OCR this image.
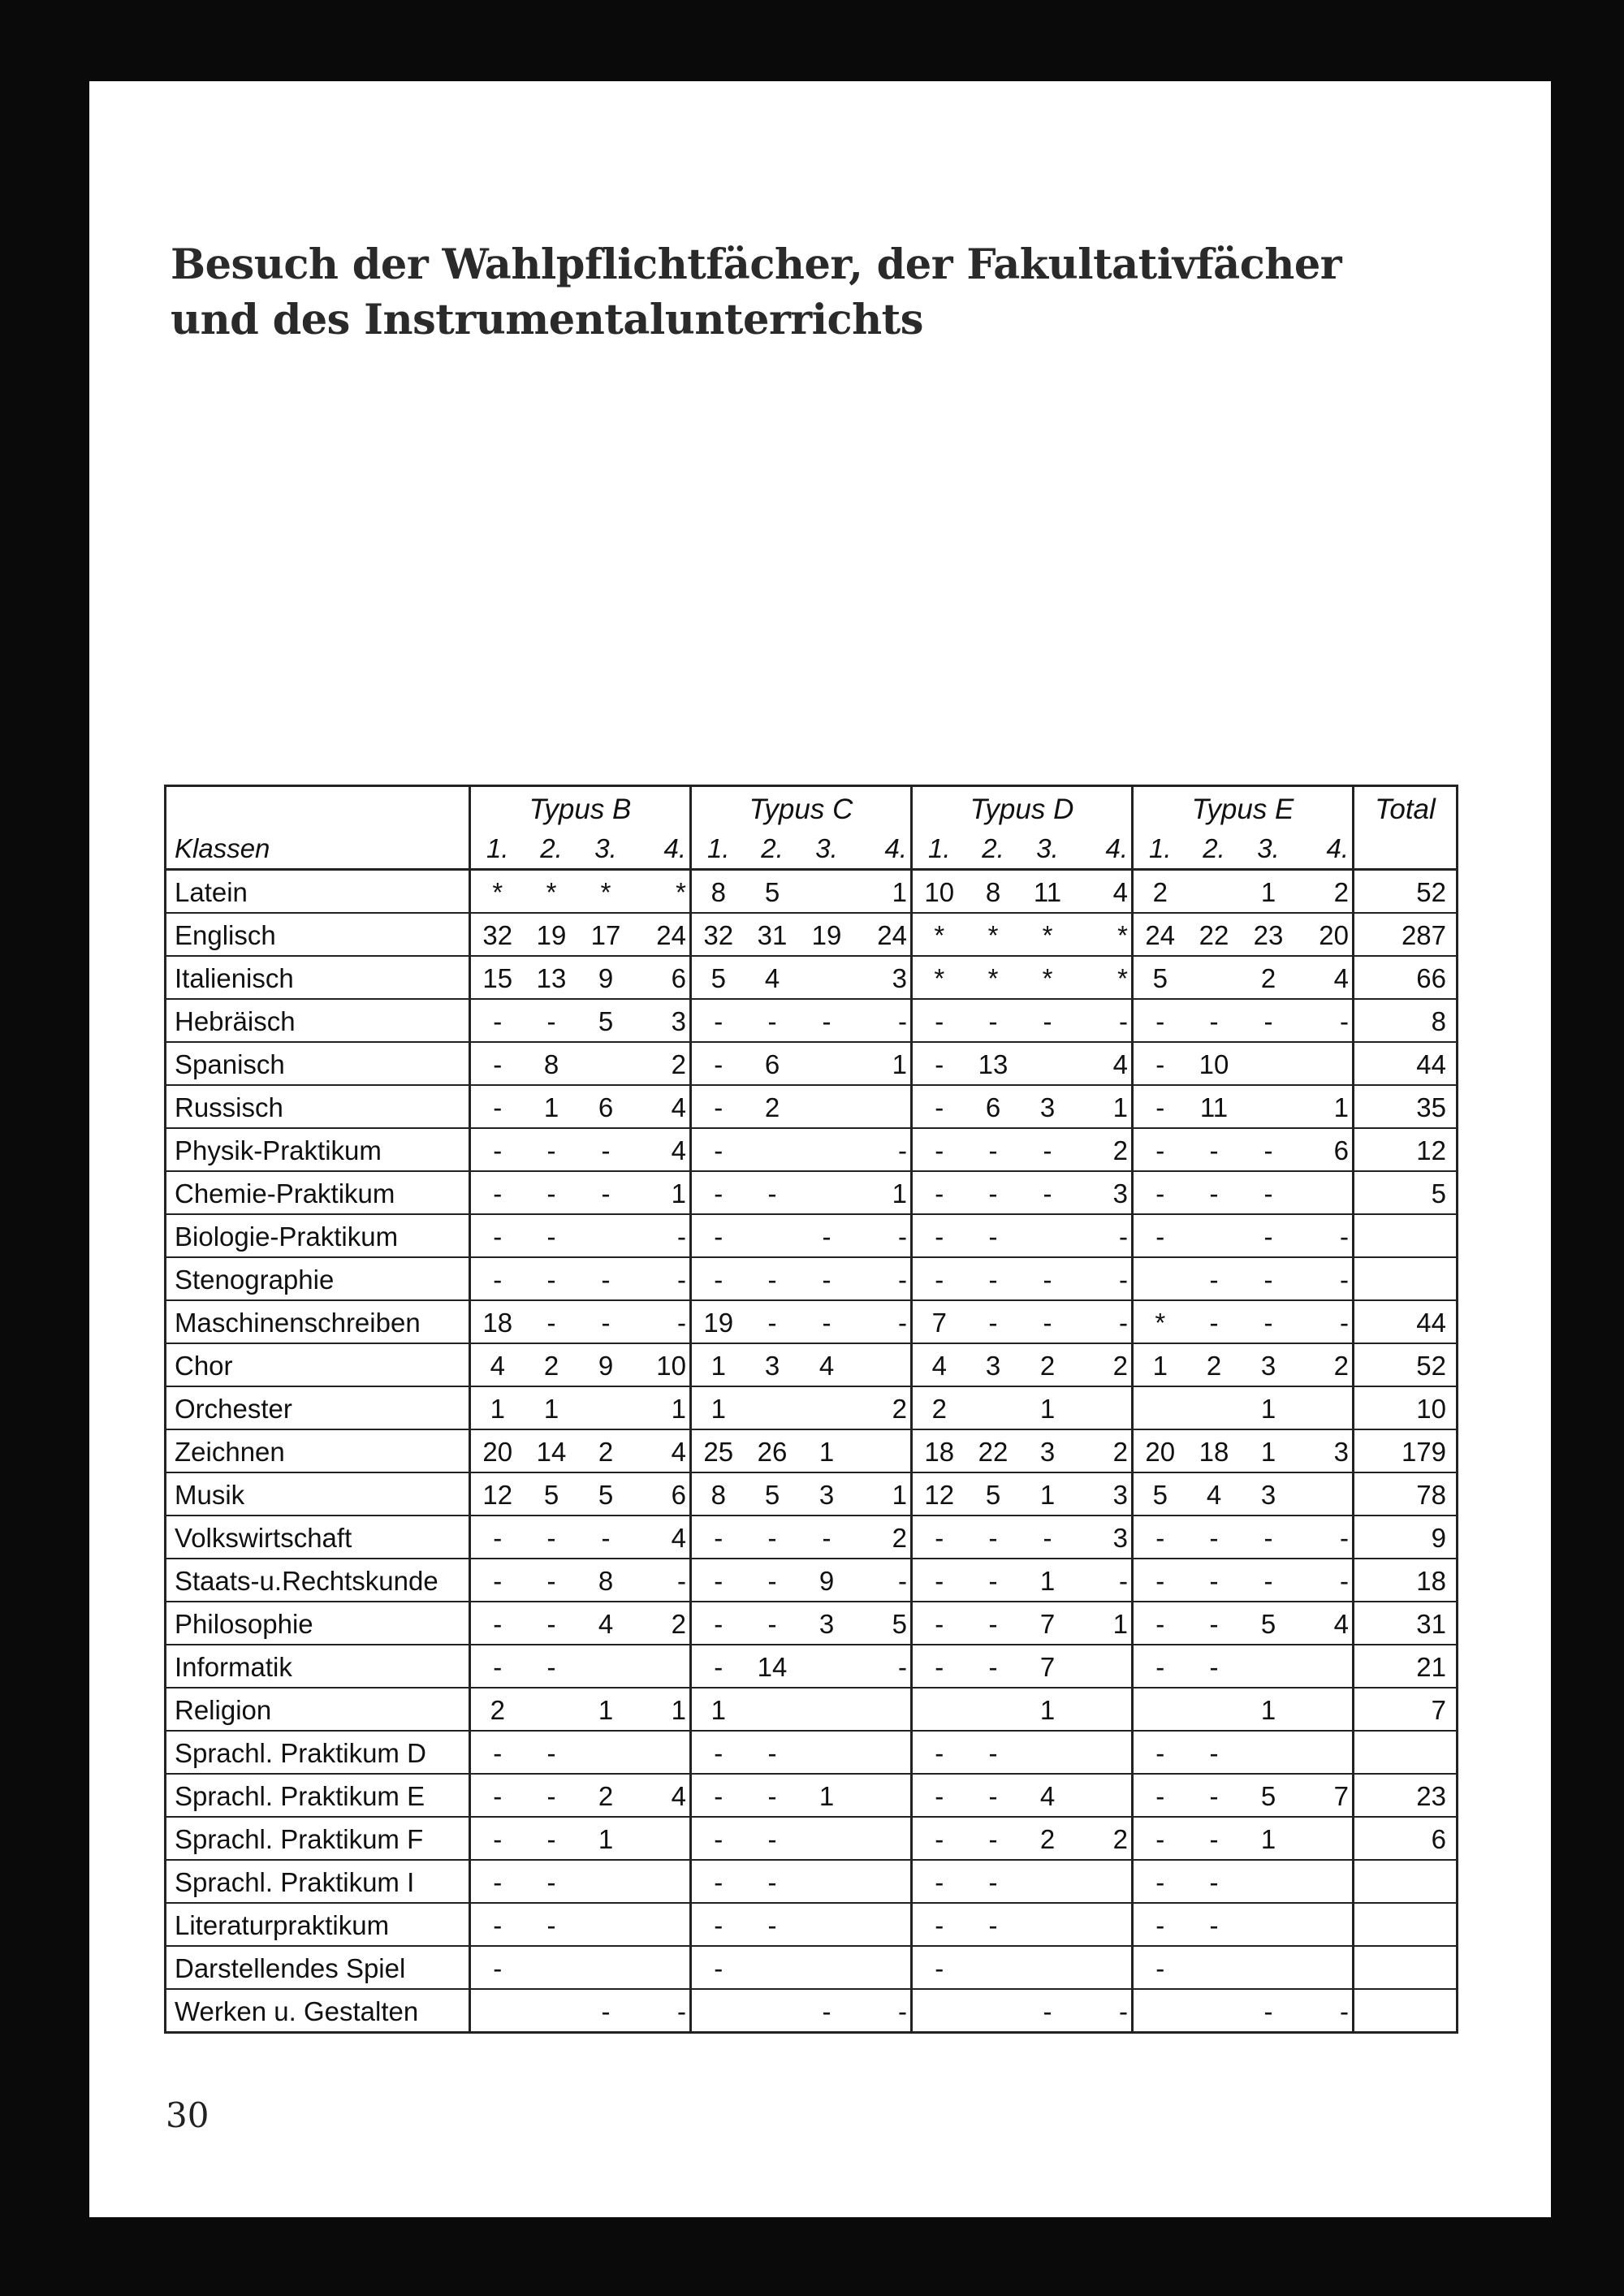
Besuch der Wahlpflichtfächer, der Fakultativfächer
und des Instrumentalunterrichts
	Typus B				Typus C				Typus D				Typus E				Total
Klassen	1.	2.	3.	4.	1.	2.	3.	4.	1.	2.	3.	4.	1.	2.	3.	4.	
Latein	*	*	*	*	8	5		1	10	8	11	4	2		1	2	52
Englisch	32	19	17	24	32	31	19	24	*	*	*	*	24	22	23	20	287
Italienisch	15	13	9	6	5	4		3	*	*	*	*	5		2	4	66
Hebräisch	-	-	5	3	-	-	-	-	-	-	-	-	-	-	-	-	8
Spanisch	-	8		2	-	6		1	-	13		4	-	10			44
Russisch	-	1	6	4	-	2			-	6	3	1	-	11		1	35
Physik-Praktikum	-	-	-	4	-			-	-	-	-	2	-	-	-	6	12
Chemie-Praktikum	-	-	-	1	-	-		1	-	-	-	3	-	-	-		5
Biologie-Praktikum	-	-		-	-		-	-	-	-		-	-		-	-	
Stenographie	-	-	-	-	-	-	-	-	-	-	-	-		-	-	-	
Maschinenschreiben	18	-	-	-	19	-	-	-	7	-	-	-	*	-	-	-	44
Chor	4	2	9	10	1	3	4		4	3	2	2	1	2	3	2	52
Orchester	1	1		1	1			2	2		1				1		10
Zeichnen	20	14	2	4	25	26	1		18	22	3	2	20	18	1	3	179
Musik	12	5	5	6	8	5	3	1	12	5	1	3	5	4	3		78
Volkswirtschaft	-	-	-	4	-	-	-	2	-	-	-	3	-	-	-	-	9
Staats-u.Rechtskunde	-	-	8	-	-	-	9	-	-	-	1	-	-	-	-	-	18
Philosophie	-	-	4	2	-	-	3	5	-	-	7	1	-	-	5	4	31
Informatik	-	-			-	14		-	-	-	7		-	-			21
Religion	2		1	1	1						1				1		7
Sprachl. Praktikum D	-	-			-	-			-	-			-	-			
Sprachl. Praktikum E	-	-	2	4	-	-	1		-	-	4		-	-	5	7	23
Sprachl. Praktikum F	-	-	1		-	-			-	-	2	2	-	-	1		6
Sprachl. Praktikum I	-	-			-	-			-	-			-	-			
Literaturpraktikum	-	-			-	-			-	-			-	-			
Darstellendes Spiel	-				-				-				-				
Werken u. Gestalten			-	-			-	-			-	-			-	-	
30
